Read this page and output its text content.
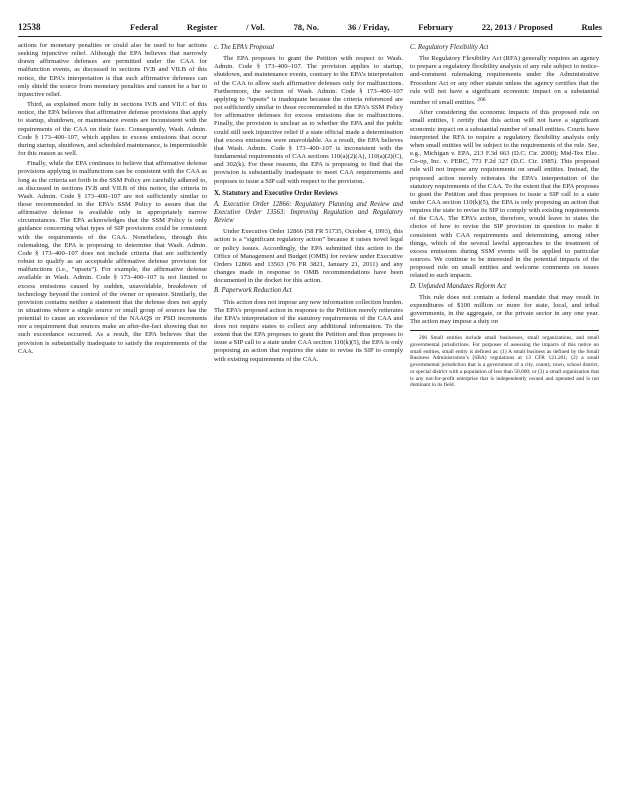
12538	Federal	Register	/ Vol.	78, No.	36 / Friday,	February	22, 2013 / Proposed	Rules

actions for monetary penalties or could also be used to bar actions seeking injunctive relief. Although the EPA believes that narrowly drawn affirmative defenses are permitted under the CAA for malfunction events, as discussed in sections IV.B and VII.B of this notice, the EPA’s interpretation is that such affirmative defenses can only shield the source from monetary penalties and cannot be a bar to injunctive relief.

Third, as explained more fully in sections IV.B and VII.C of this notice, the EPA believes that affirmative defense provisions that apply to startup, shutdown, or maintenance events are inconsistent with the requirements of the CAA on their face. Consequently, Wash. Admin. Code § 173–400–107, which applies to excess emissions that occur during startup, shutdown, and scheduled maintenance, is impermissible for this reason as well.

Finally, while the EPA continues to believe that affirmative defense provisions applying to malfunctions can be consistent with the CAA as long as the criteria set forth in the SSM Policy are carefully adhered to, as discussed in sections IV.B and VII.B of this notice, the criteria in Wash. Admin. Code § 173–400–107 are not sufficiently similar to those recommended in the EPA’s SSM Policy to assure that the affirmative defense is available only in appropriately narrow circumstances. The EPA acknowledges that the SSM Policy is only guidance concerning what types of SIP provisions could be consistent with the requirements of the CAA. Nonetheless, through this rulemaking, the EPA is proposing to determine that Wash. Admin. Code § 173–400–107 does not include criteria that are sufficiently robust to qualify as an acceptable affirmative defense provision for malfunctions (i.e., “upsets”). For example, the affirmative defense available in Wash. Admin. Code § 173–400–107 is not limited to excess emissions caused by sudden, unavoidable, breakdown of technology beyond the control of the owner or operator. Similarly, the provision contains neither a statement that the defense does not apply in situations where a single source or small group of sources has the potential to cause an exceedance of the NAAQS or PSD increments nor a requirement that sources make an after-the-fact showing that no such exceedance occurred. As a result, the EPA believes that the provision is substantially inadequate to satisfy the requirements of the CAA.

c. The EPA’s Proposal

The EPA proposes to grant the Petition with respect to Wash. Admin. Code § 173–400–107. The provision applies to startup, shutdown, and maintenance events, contrary to the EPA’s interpretation of the CAA to allow such affirmative defenses only for malfunctions. Furthermore, the section of Wash. Admin. Code § 173–400–107 applying to “upsets” is inadequate because the criteria referenced are not sufficiently similar to those recommended in the EPA’s SSM Policy for affirmative defenses for excess emissions due to malfunctions. Finally, the provision is unclear as to whether the EPA and the public could still seek injunctive relief if a state official made a determination that excess emissions were unavoidable. As a result, the EPA believes that Wash. Admin. Code § 173–400–107 is inconsistent with the fundamental requirements of CAA sections 110(a)(2)(A), 110(a)(2)(C), and 302(k). For these reasons, the EPA is proposing to find that the provision is substantially inadequate to meet CAA requirements and proposes to issue a SIP call with respect to the provision.

X. Statutory and Executive Order Reviews
A. Executive Order 12866: Regulatory Planning and Review and Executive Order 13563: Improving Regulation and Regulatory Review

Under Executive Order 12866 (58 FR 51735, October 4, 1993), this action is a “significant regulatory action” because it raises novel legal or policy issues. Accordingly, the EPA submitted this action to the Office of Management and Budget (OMB) for review under Executive Orders 12866 and 13563 (76 FR 3821, January 21, 2011) and any changes made in response to OMB recommendations have been documented in the docket for this action.

B. Paperwork Reduction Act

This action does not impose any new information collection burden. The EPA’s proposed action in response to the Petition merely reiterates the EPA’s interpretation of the statutory requirements of the CAA and does not require states to collect any additional information. To the extent that the EPA proposes to grant the Petition and thus proposes to issue a SIP call to a state under CAA section 110(k)(5), the EPA is only proposing an action that requires the state to revise its SIP to comply with existing requirements of the CAA.

C. Regulatory Flexibility Act

The Regulatory Flexibility Act (RFA) generally requires an agency to prepare a regulatory flexibility analysis of any rule subject to notice-and-comment rulemaking requirements under the Administrative Procedure Act or any other statute unless the agency certifies that the rule will not have a significant economic impact on a substantial number of small entities. $^{206}$

After considering the economic impacts of this proposed rule on small entities, I certify that this action will not have a significant economic impact on a substantial number of small entities. Courts have interpreted the RFA to require a regulatory flexibility analysis only when small entities will be subject to the requirements of the rule. See, e.g., Michigan v. EPA, 213 F.3d 663 (D.C. Cir. 2000); Mid-Tex Elec. Co-op, Inc. v. FERC, 773 F.2d 327 (D.C. Cir. 1985). This proposed rule will not impose any requirements on small entities. Instead, the proposed action merely reiterates the EPA’s interpretation of the statutory requirements of the CAA. To the extent that the EPA proposes to grant the Petition and thus proposes to issue a SIP call to a state under CAA section 110(k)(5), the EPA is only proposing an action that requires the state to revise its SIP to comply with existing requirements of the CAA. The EPA’s action, therefore, would leave to states the choice of how to revise the SIP provision in question to make it consistent with CAA requirements and determining, among other things, which of the several lawful approaches to the treatment of excess emissions during SSM events will be applied to particular sources. We continue to be interested in the potential impacts of the proposed rule on small entities and welcome comments on issues related to such impacts.

D. Unfunded Mandates Reform Act

This rule does not contain a federal mandate that may result in expenditures of $100 million or more for state, local, and tribal governments, in the aggregate, or the private sector in any one year. The action may impose a duty on

206 Small entities include small businesses, small organizations, and small governmental jurisdictions. For purposes of assessing the impacts of this notice on small entities, small entity is defined as: (1) A small business as defined by the Small Business Administration’s (SBA) regulations at 13 CFR 121.201; (2) a small governmental jurisdiction that is a government of a city, county, town, school district, or special district with a population of less than 50,000; or (3) a small organization that is any not-for-profit enterprise that is independently owned and operated and is not dominant in its field.
